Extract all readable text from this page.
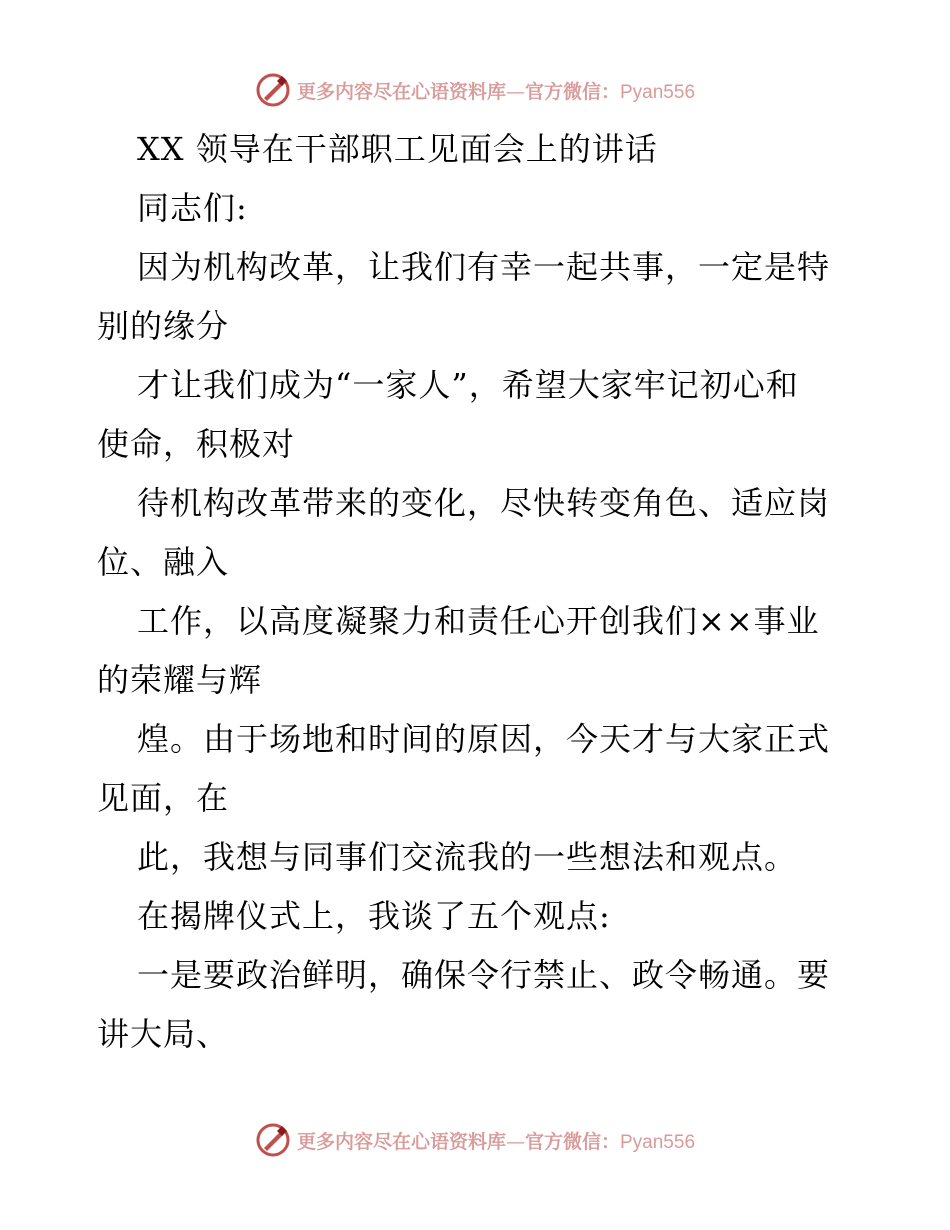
更多内容尽在心语资料库—官方微信：Pyan556
XX 领导在干部职工见面会上的讲话
同志们:
因为机构改革，让我们有幸一起共事，一定是特
别的缘分
才让我们成为“一家人”，希望大家牢记初心和
使命，积极对
待机构改革带来的变化，尽快转变角色、适应岗
位、融入
工作，以高度凝聚力和责任心开创我们××事业
的荣耀与辉
煌。由于场地和时间的原因，今天才与大家正式
见面，在
此，我想与同事们交流我的一些想法和观点。
在揭牌仪式上，我谈了五个观点:
一是要政治鲜明，确保令行禁止、政令畅通。要
讲大局、
更多内容尽在心语资料库—官方微信：Pyan556
